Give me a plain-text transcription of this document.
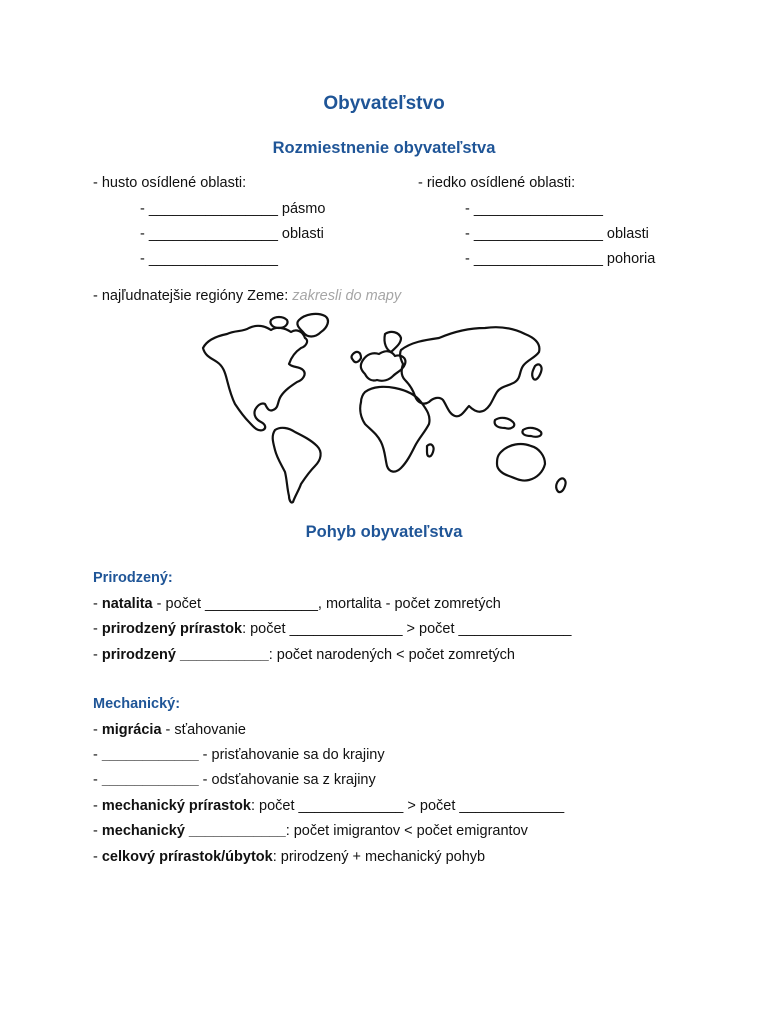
Obyvateľstvo
Rozmiestnenie obyvateľstva
- husto osídlené oblasti:
- ________________ pásmo
- ________________ oblasti
- ________________
- riedko osídlené oblasti:
- ________________
- ________________ oblasti
- ________________ pohoria
- najľudnatejšie regióny Zeme: zakresli do mapy
Pohyb obyvateľstva
Prirodzený:
- natalita - počet ______________, mortalita - počet zomretých
- prirodzený prírastok: počet ______________ > počet ______________
- prirodzený ___________: počet narodených < počet zomretých
Mechanický:
- migrácia - sťahovanie
- ____________ - prisťahovanie sa do krajiny
- ____________ - odsťahovanie sa z krajiny
- mechanický prírastok: počet _____________ > počet _____________
- mechanický ____________: počet imigrantov < počet emigrantov
- celkový prírastok/úbytok: prirodzený + mechanický pohyb
